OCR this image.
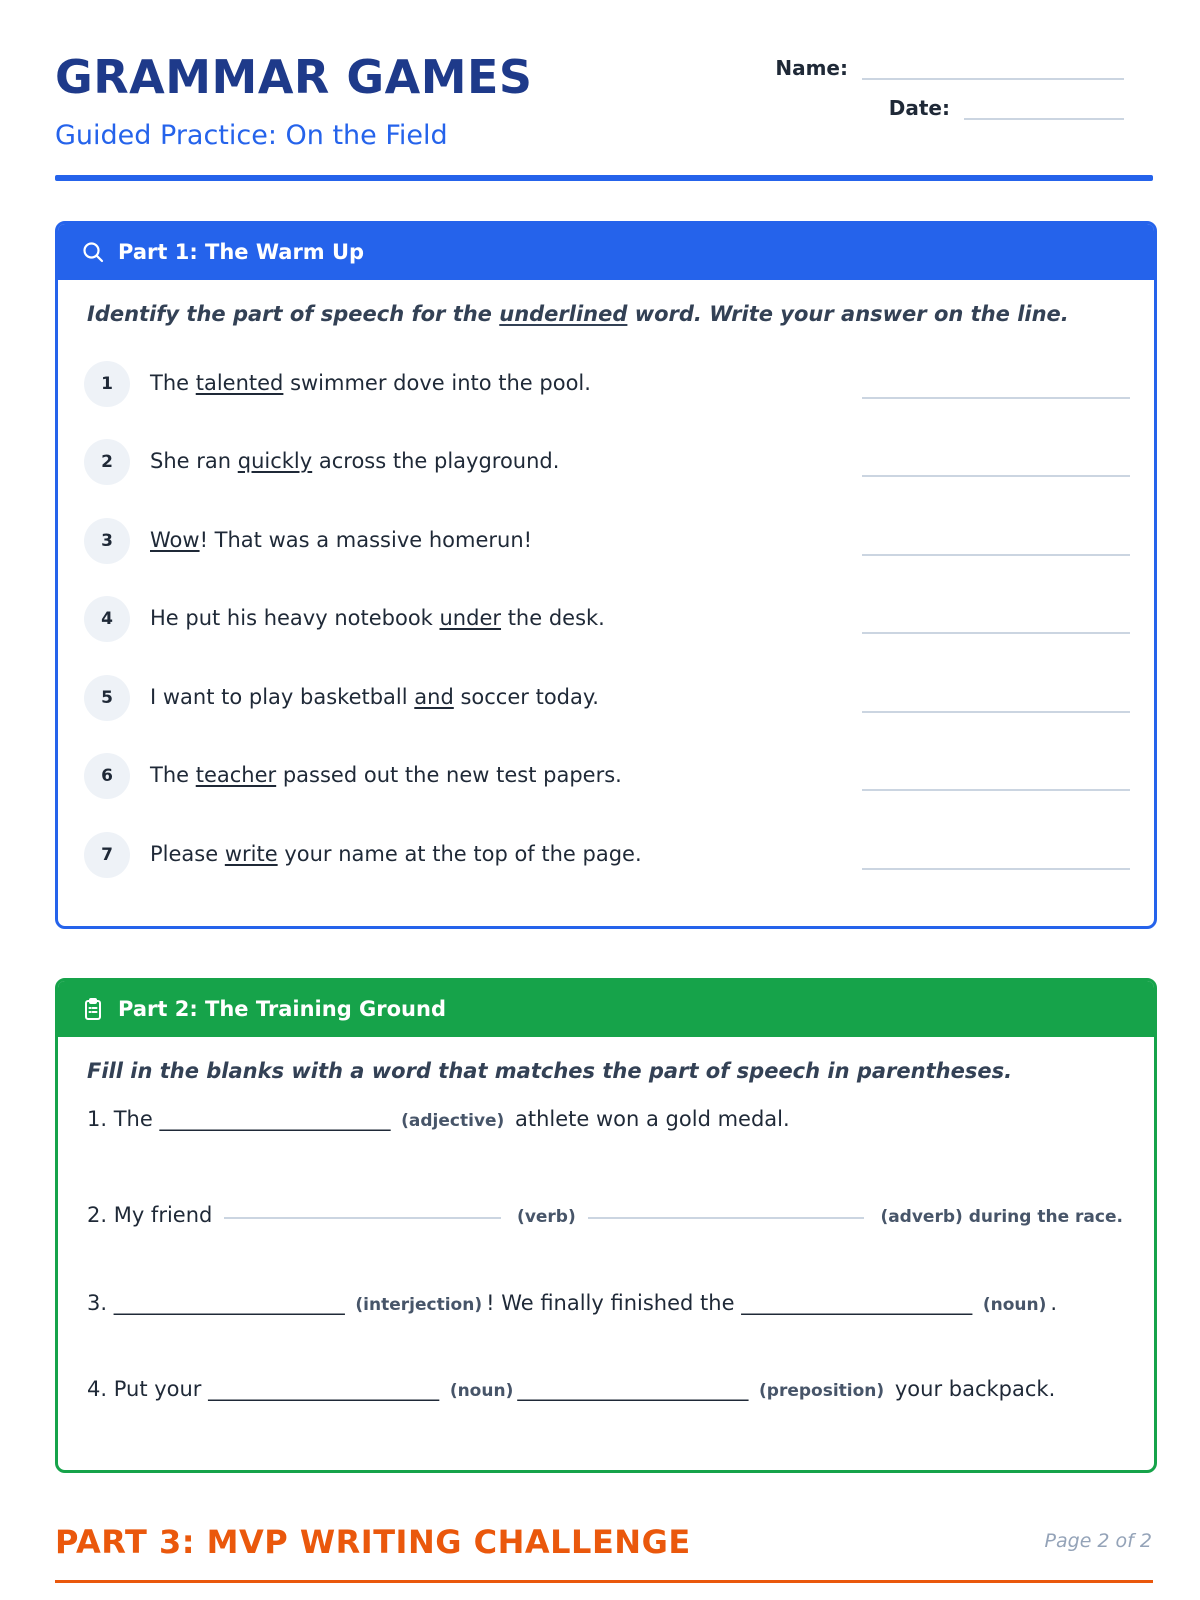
GRAMMAR GAMES
Guided Practice: On the Field
Name:
Date:
Part 1: The Warm Up

Identify the part of speech for the underlined word. Write your answer on the line.

1	The talented swimmer dove into the pool.
2	She ran quickly across the playground.
3	Wow! That was a massive homerun!
4	He put his heavy notebook under the desk.
5	I want to play basketball and soccer today.
6	The teacher passed out the new test papers.
7	Please write your name at the top of the page.
Part 2: The Training Ground

Fill in the blanks with a word that matches the part of speech in parentheses.

1. The ______________________ (adjective) athlete won a gold medal.
2. My friend	(verb)	(adverb) during the race.
3. ______________________ (interjection) ! We finally finished the ______________________ (noun) .
4. Put your ______________________ (noun) ______________________ (preposition) your backpack.
PART 3: MVP WRITING CHALLENGE	Page 2 of 2
